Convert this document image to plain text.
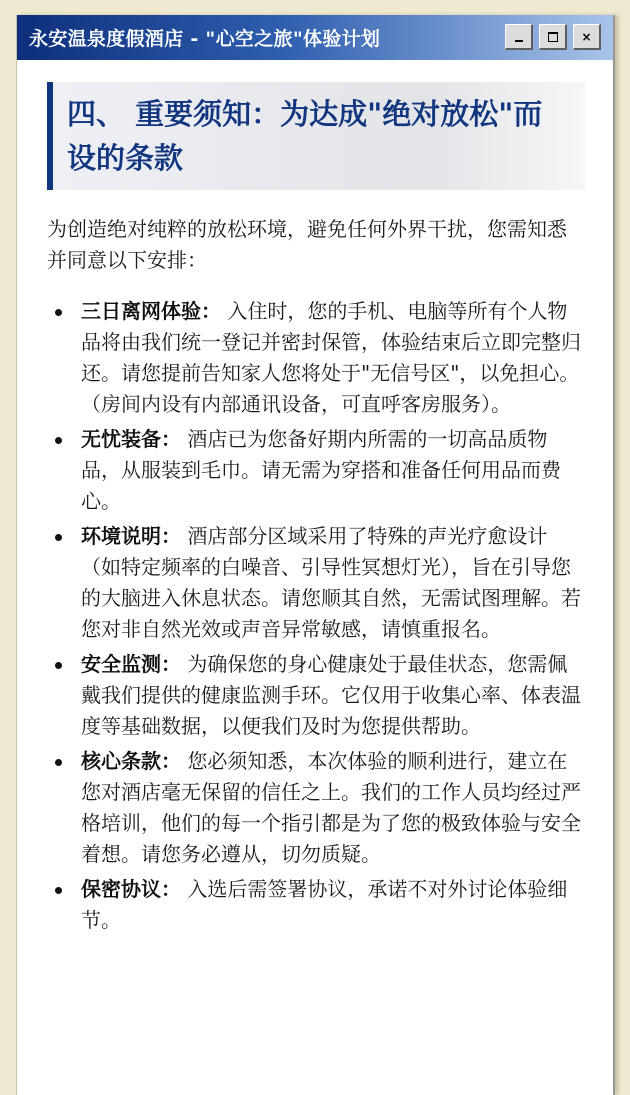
永安温泉度假酒店 - "心空之旅"体验计划	×
四、 重要须知：为达成"绝对放松"而设的条款

为创造绝对纯粹的放松环境，避免任何外界干扰，您需知悉并同意以下安排：

三日离网体验： 入住时，您的手机、电脑等所有个人物品将由我们统一登记并密封保管，体验结束后立即完整归还。请您提前告知家人您将处于"无信号区"，以免担心。（房间内设有内部通讯设备，可直呼客房服务）。
无忧装备： 酒店已为您备好期内所需的一切高品质物品，从服装到毛巾。请无需为穿搭和准备任何用品而费心。
环境说明： 酒店部分区域采用了特殊的声光疗愈设计（如特定频率的白噪音、引导性冥想灯光），旨在引导您的大脑进入休息状态。请您顺其自然，无需试图理解。若您对非自然光效或声音异常敏感，请慎重报名。
安全监测： 为确保您的身心健康处于最佳状态，您需佩戴我们提供的健康监测手环。它仅用于收集心率、体表温度等基础数据，以便我们及时为您提供帮助。
核心条款： 您必须知悉，本次体验的顺利进行，建立在您对酒店毫无保留的信任之上。我们的工作人员均经过严格培训，他们的每一个指引都是为了您的极致体验与安全着想。请您务必遵从，切勿质疑。
保密协议： 入选后需签署协议，承诺不对外讨论体验细节。
